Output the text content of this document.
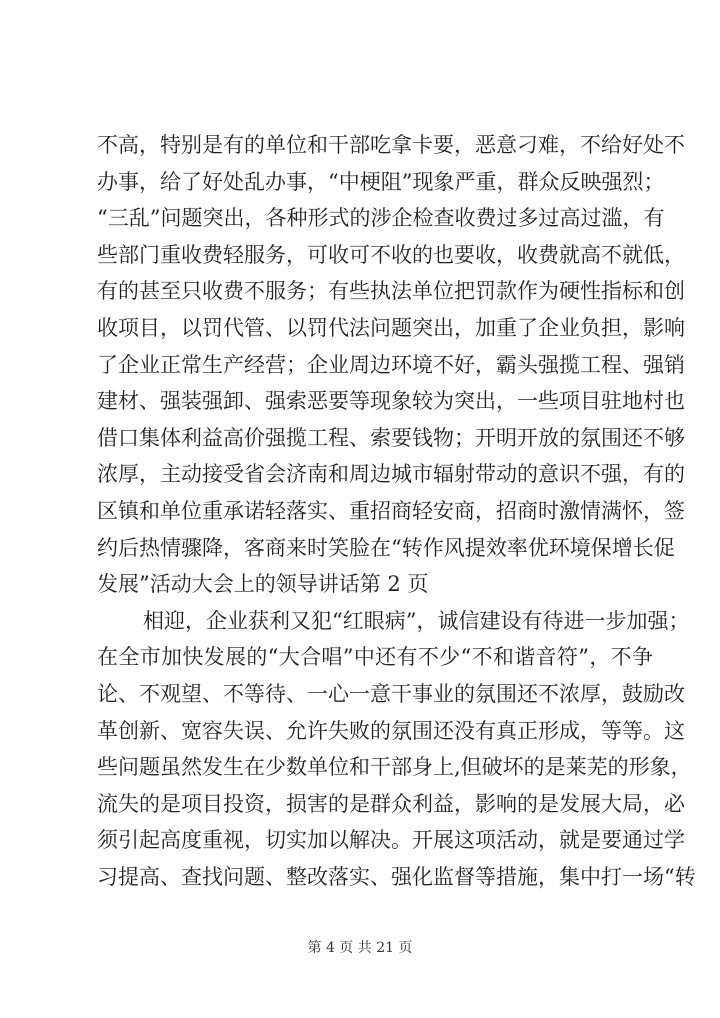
不高，特别是有的单位和干部吃拿卡要，恶意刁难，不给好处不
办事，给了好处乱办事，“中梗阻”现象严重，群众反映强烈；
“三乱”问题突出，各种形式的涉企检查收费过多过高过滥，有
些部门重收费轻服务，可收可不收的也要收，收费就高不就低，
有的甚至只收费不服务；有些执法单位把罚款作为硬性指标和创
收项目，以罚代管、以罚代法问题突出，加重了企业负担，影响
了企业正常生产经营；企业周边环境不好，霸头强揽工程、强销
建材、强装强卸、强索恶要等现象较为突出，一些项目驻地村也
借口集体利益高价强揽工程、索要钱物；开明开放的氛围还不够
浓厚，主动接受省会济南和周边城市辐射带动的意识不强，有的
区镇和单位重承诺轻落实、重招商轻安商，招商时激情满怀，签
约后热情骤降，客商来时笑脸在“转作风提效率优环境保增长促
发展”活动大会上的领导讲话第 2 页
相迎，企业获利又犯“红眼病”，诚信建设有待进一步加强；
在全市加快发展的“大合唱”中还有不少“不和谐音符”，不争
论、不观望、不等待、一心一意干事业的氛围还不浓厚，鼓励改
革创新、宽容失误、允许失败的氛围还没有真正形成，等等。这
些问题虽然发生在少数单位和干部身上,但破坏的是莱芜的形象，
流失的是项目投资，损害的是群众利益，影响的是发展大局，必
须引起高度重视，切实加以解决。开展这项活动，就是要通过学
习提高、查找问题、整改落实、强化监督等措施，集中打一场“转
第 4 页 共 21 页
